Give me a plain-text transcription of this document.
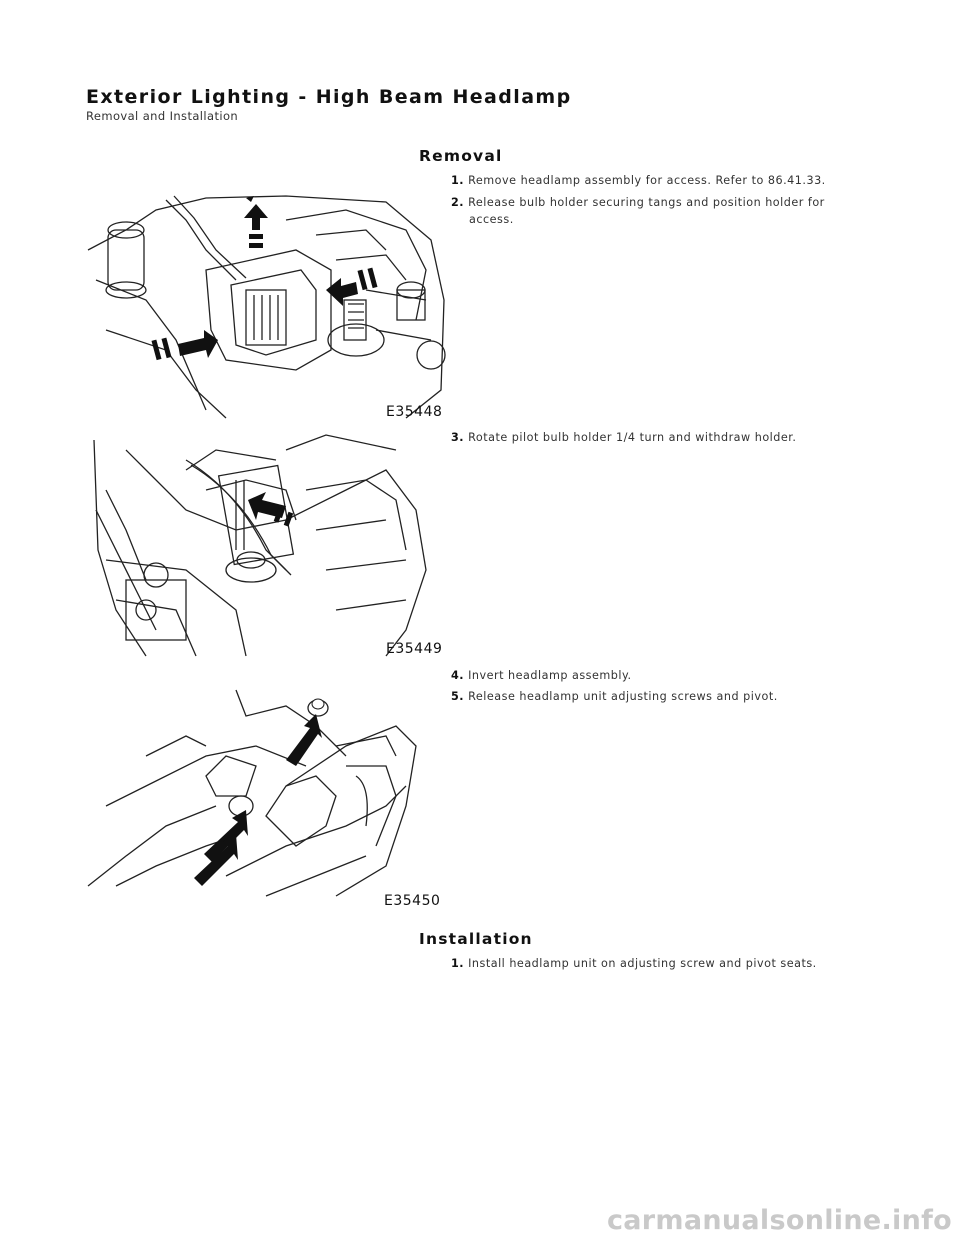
Exterior Lighting - High Beam Headlamp
Removal and Installation
Removal
E35448
1. Remove headlamp assembly for access. Refer to 86.41.33.
2. Release bulb holder securing tangs and position holder for
access.
E35449
3. Rotate pilot bulb holder 1/4 turn and withdraw holder.
E35450
4. Invert headlamp assembly.
5. Release headlamp unit adjusting screws and pivot.
Installation
1. Install headlamp unit on adjusting screw and pivot seats.
carmanualsonline.info
